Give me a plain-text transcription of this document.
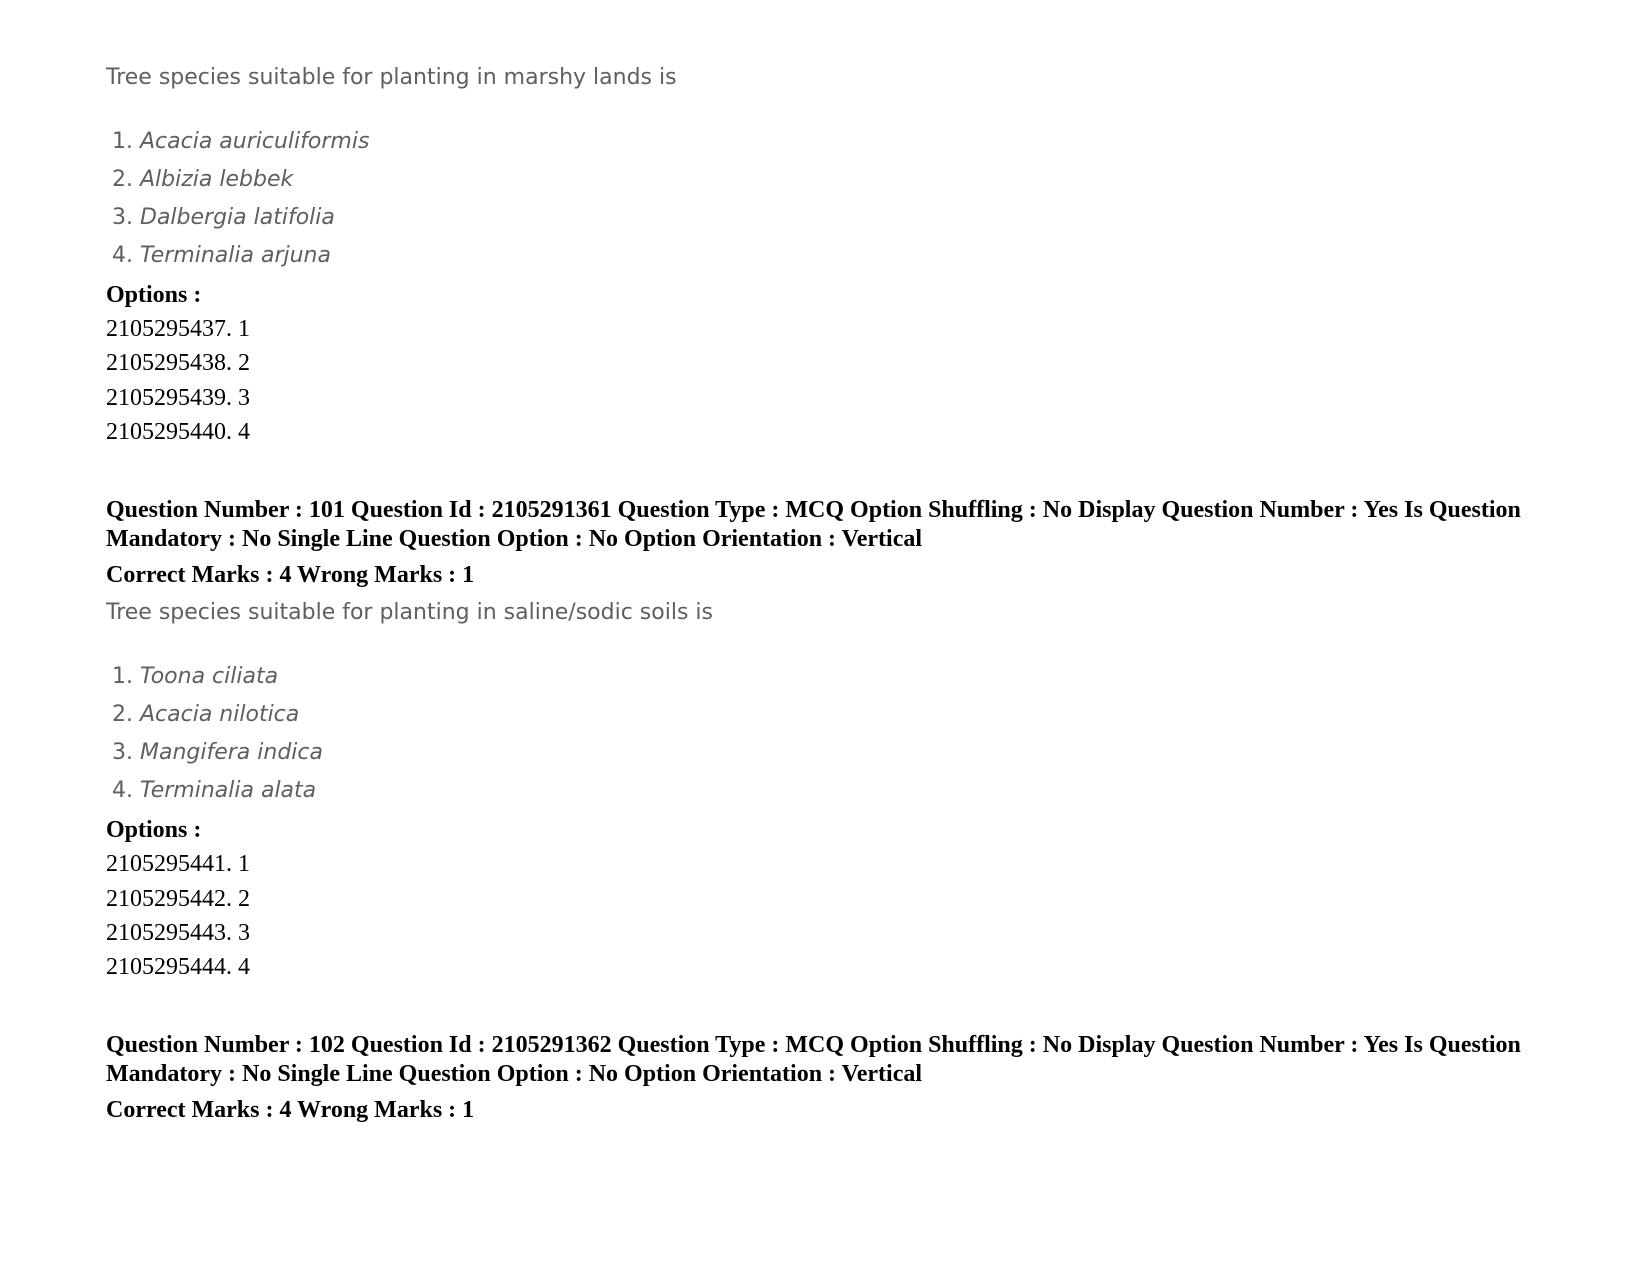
Tree species suitable for planting in marshy lands is
1. Acacia auriculiformis
2. Albizia lebbek
3. Dalbergia latifolia
4. Terminalia arjuna
Options :
2105295437. 1
2105295438. 2
2105295439. 3
2105295440. 4
Question Number : 101 Question Id : 2105291361 Question Type : MCQ Option Shuffling : No Display Question Number : Yes Is Question Mandatory : No Single Line Question Option : No Option Orientation : Vertical
Correct Marks : 4 Wrong Marks : 1
Tree species suitable for planting in saline/sodic soils is
1. Toona ciliata
2. Acacia nilotica
3. Mangifera indica
4. Terminalia alata
Options :
2105295441. 1
2105295442. 2
2105295443. 3
2105295444. 4
Question Number : 102 Question Id : 2105291362 Question Type : MCQ Option Shuffling : No Display Question Number : Yes Is Question Mandatory : No Single Line Question Option : No Option Orientation : Vertical
Correct Marks : 4 Wrong Marks : 1
